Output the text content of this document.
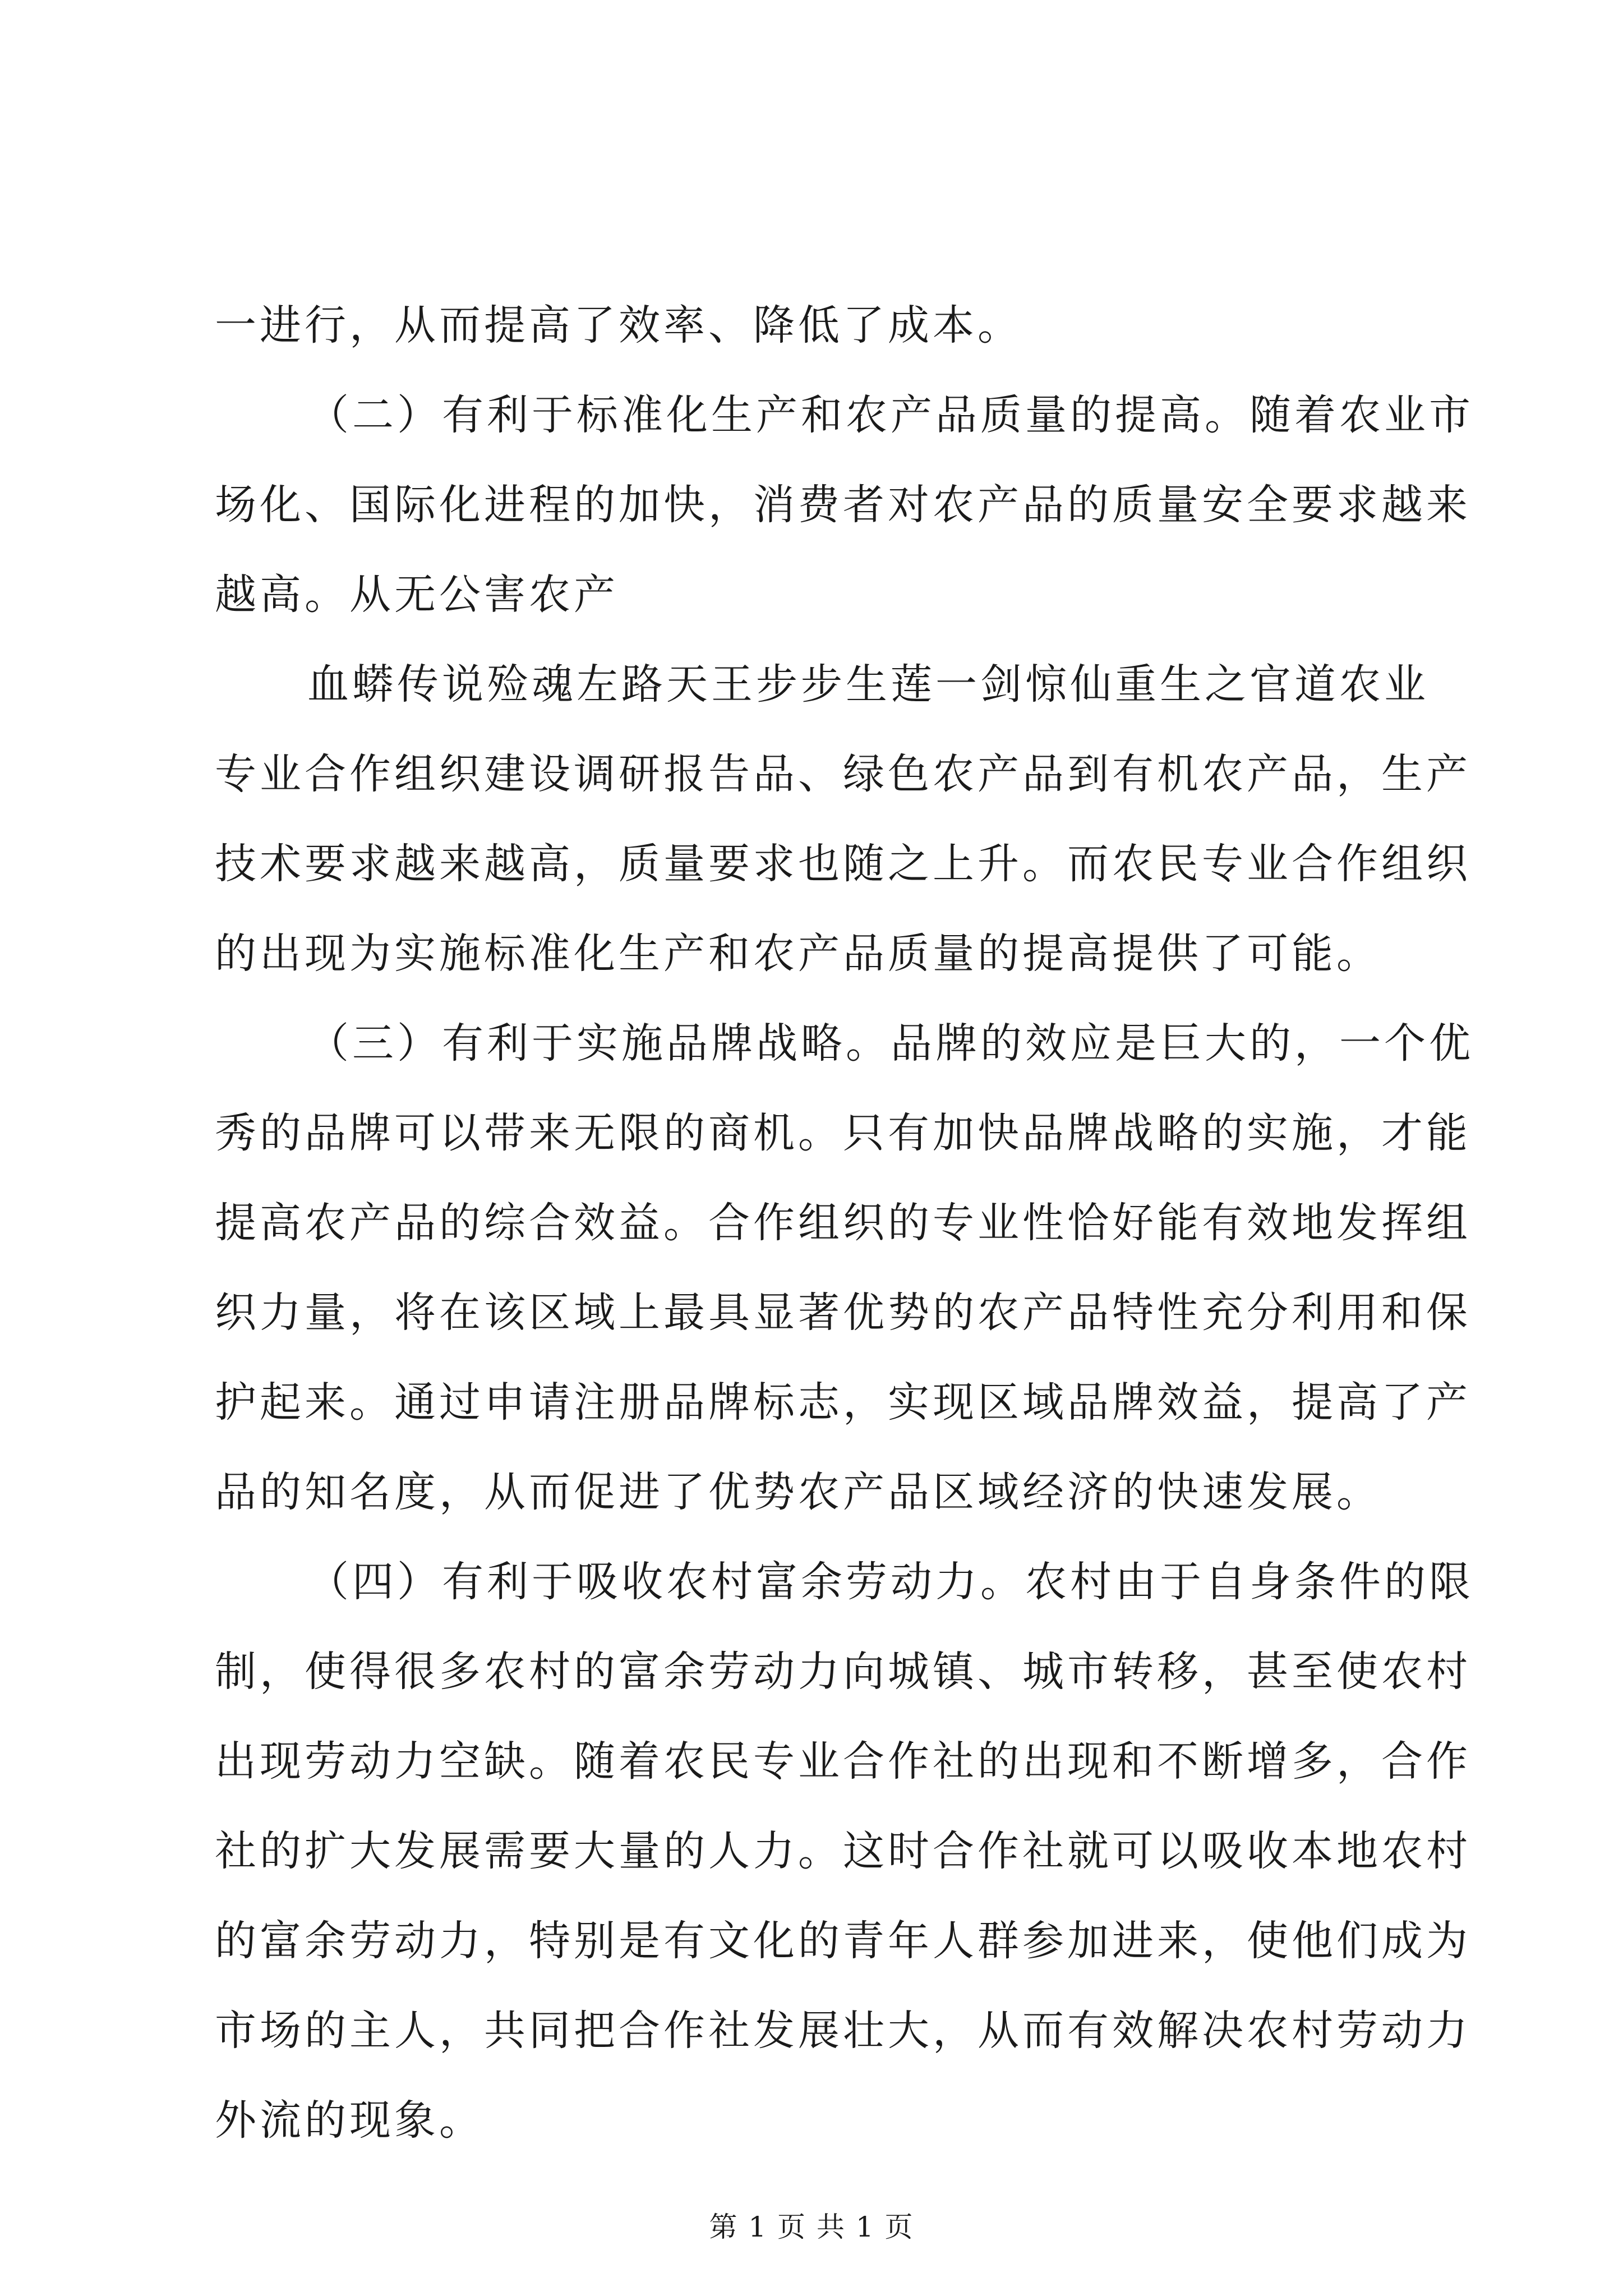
一进行，从而提高了效率、降低了成本。
（二）有利于标准化生产和农产品质量的提高。随着农业市
场化、国际化进程的加快，消费者对农产品的质量安全要求越来
越高。从无公害农产
血蟒传说殓魂左路天王步步生莲一剑惊仙重生之官道农业
专业合作组织建设调研报告品、绿色农产品到有机农产品，生产
技术要求越来越高，质量要求也随之上升。而农民专业合作组织
的出现为实施标准化生产和农产品质量的提高提供了可能。
（三）有利于实施品牌战略。品牌的效应是巨大的，一个优
秀的品牌可以带来无限的商机。只有加快品牌战略的实施，才能
提高农产品的综合效益。合作组织的专业性恰好能有效地发挥组
织力量，将在该区域上最具显著优势的农产品特性充分利用和保
护起来。通过申请注册品牌标志，实现区域品牌效益，提高了产
品的知名度，从而促进了优势农产品区域经济的快速发展。
（四）有利于吸收农村富余劳动力。农村由于自身条件的限
制，使得很多农村的富余劳动力向城镇、城市转移，甚至使农村
出现劳动力空缺。随着农民专业合作社的出现和不断增多，合作
社的扩大发展需要大量的人力。这时合作社就可以吸收本地农村
的富余劳动力，特别是有文化的青年人群参加进来，使他们成为
市场的主人，共同把合作社发展壮大，从而有效解决农村劳动力
外流的现象。
第 1 页 共 1 页
